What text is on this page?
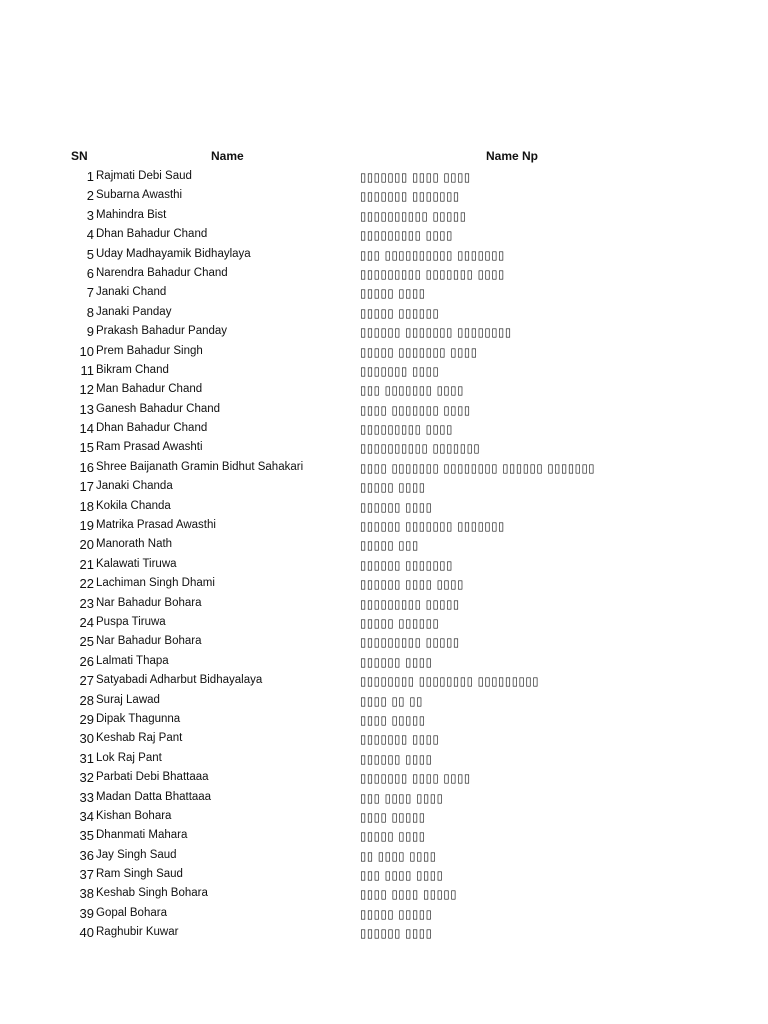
SN	Name	Name Np
1 Rajmati Debi Saud	▯▯▯▯▯▯▯ ▯▯▯▯ ▯▯▯▯
2 Subarna Awasthi	▯▯▯▯▯▯▯ ▯▯▯▯▯▯▯
3 Mahindra Bist	▯▯▯▯▯▯▯▯▯▯ ▯▯▯▯▯
4 Dhan Bahadur Chand	▯▯▯▯▯▯▯▯▯ ▯▯▯▯
5 Uday Madhayamik Bidhaylaya	▯▯▯ ▯▯▯▯▯▯▯▯▯▯ ▯▯▯▯▯▯▯
6 Narendra Bahadur Chand	▯▯▯▯▯▯▯▯▯ ▯▯▯▯▯▯▯ ▯▯▯▯
7 Janaki Chand	▯▯▯▯▯ ▯▯▯▯
8 Janaki Panday	▯▯▯▯▯ ▯▯▯▯▯▯
9 Prakash Bahadur Panday	▯▯▯▯▯▯ ▯▯▯▯▯▯▯ ▯▯▯▯▯▯▯▯
10 Prem Bahadur Singh	▯▯▯▯▯ ▯▯▯▯▯▯▯ ▯▯▯▯
11 Bikram Chand	▯▯▯▯▯▯▯ ▯▯▯▯
12 Man Bahadur Chand	▯▯▯ ▯▯▯▯▯▯▯ ▯▯▯▯
13 Ganesh Bahadur Chand	▯▯▯▯ ▯▯▯▯▯▯▯ ▯▯▯▯
14 Dhan Bahadur Chand	▯▯▯▯▯▯▯▯▯ ▯▯▯▯
15 Ram Prasad Awashti	▯▯▯▯▯▯▯▯▯▯ ▯▯▯▯▯▯▯
16 Shree Baijanath Gramin Bidhut Sahakari	▯▯▯▯ ▯▯▯▯▯▯▯ ▯▯▯▯▯▯▯▯ ▯▯▯▯▯▯ ▯▯▯▯▯▯▯
17 Janaki Chanda	▯▯▯▯▯ ▯▯▯▯
18 Kokila Chanda	▯▯▯▯▯▯ ▯▯▯▯
19 Matrika Prasad Awasthi	▯▯▯▯▯▯ ▯▯▯▯▯▯▯ ▯▯▯▯▯▯▯
20 Manorath Nath	▯▯▯▯▯ ▯▯▯
21 Kalawati Tiruwa	▯▯▯▯▯▯ ▯▯▯▯▯▯▯
22 Lachiman Singh Dhami	▯▯▯▯▯▯ ▯▯▯▯ ▯▯▯▯
23 Nar Bahadur Bohara	▯▯▯▯▯▯▯▯▯ ▯▯▯▯▯
24 Puspa Tiruwa	▯▯▯▯▯ ▯▯▯▯▯▯
25 Nar Bahadur Bohara	▯▯▯▯▯▯▯▯▯ ▯▯▯▯▯
26 Lalmati Thapa	▯▯▯▯▯▯ ▯▯▯▯
27 Satyabadi Adharbut Bidhayalaya	▯▯▯▯▯▯▯▯ ▯▯▯▯▯▯▯▯ ▯▯▯▯▯▯▯▯▯
28 Suraj Lawad	▯▯▯▯ ▯▯ ▯▯
29 Dipak Thagunna	▯▯▯▯ ▯▯▯▯▯
30 Keshab Raj Pant	▯▯▯▯▯▯▯ ▯▯▯▯
31 Lok Raj Pant	▯▯▯▯▯▯ ▯▯▯▯
32 Parbati Debi Bhattaaa	▯▯▯▯▯▯▯ ▯▯▯▯ ▯▯▯▯
33 Madan Datta Bhattaaa	▯▯▯ ▯▯▯▯ ▯▯▯▯
34 Kishan Bohara	▯▯▯▯ ▯▯▯▯▯
35 Dhanmati Mahara	▯▯▯▯▯ ▯▯▯▯
36 Jay Singh Saud	▯▯ ▯▯▯▯ ▯▯▯▯
37 Ram Singh Saud	▯▯▯ ▯▯▯▯ ▯▯▯▯
38 Keshab Singh Bohara	▯▯▯▯ ▯▯▯▯ ▯▯▯▯▯
39 Gopal Bohara	▯▯▯▯▯ ▯▯▯▯▯
40 Raghubir Kuwar	▯▯▯▯▯▯ ▯▯▯▯
